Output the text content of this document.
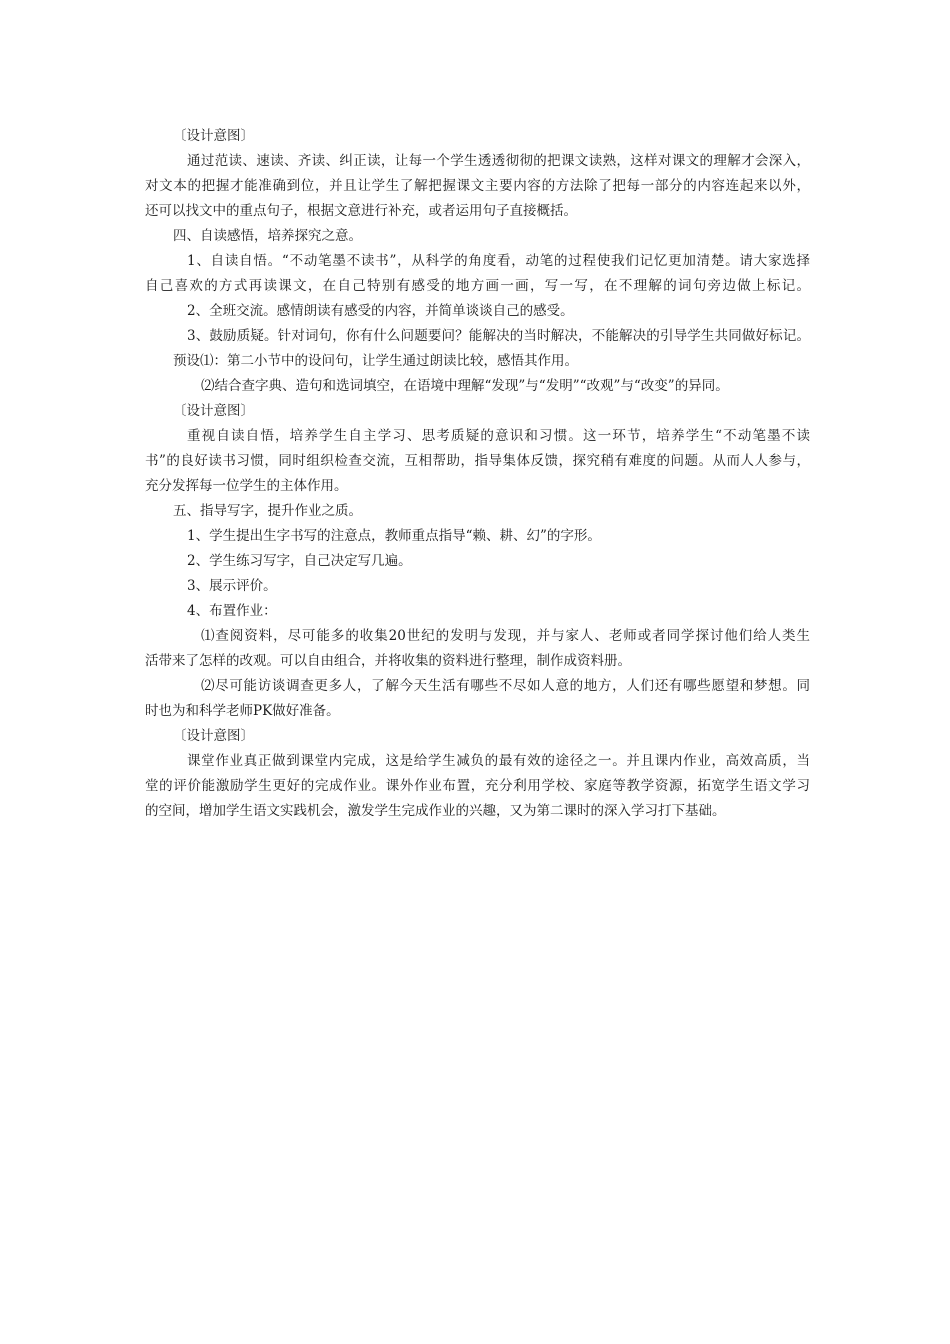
〔设计意图〕
通过范读、速读、齐读、纠正读，让每一个学生透透彻彻的把课文读熟，这样对课文的理解才会深入，
对文本的把握才能准确到位，并且让学生了解把握课文主要内容的方法除了把每一部分的内容连起来以外，
还可以找文中的重点句子，根据文意进行补充，或者运用句子直接概括。
四、自读感悟，培养探究之意。
1、自读自悟。“不动笔墨不读书”，从科学的角度看，动笔的过程使我们记忆更加清楚。请大家选择
自己喜欢的方式再读课文，在自己特别有感受的地方画一画，写一写，在不理解的词句旁边做上标记。
2、全班交流。感情朗读有感受的内容，并简单谈谈自己的感受。
3、鼓励质疑。针对词句，你有什么问题要问？能解决的当时解决，不能解决的引导学生共同做好标记。
预设⑴：第二小节中的设问句，让学生通过朗读比较，感悟其作用。
⑵结合查字典、造句和选词填空，在语境中理解“发现”与“发明”“改观”与“改变”的异同。
〔设计意图〕
重视自读自悟，培养学生自主学习、思考质疑的意识和习惯。这一环节，培养学生“不动笔墨不读
书”的良好读书习惯，同时组织检查交流，互相帮助，指导集体反馈，探究稍有难度的问题。从而人人参与，
充分发挥每一位学生的主体作用。
五、指导写字，提升作业之质。
1、学生提出生字书写的注意点，教师重点指导“赖、耕、幻”的字形。
2、学生练习写字，自己决定写几遍。
3、展示评价。
4、布置作业：
⑴查阅资料，尽可能多的收集20世纪的发明与发现，并与家人、老师或者同学探讨他们给人类生
活带来了怎样的改观。可以自由组合，并将收集的资料进行整理，制作成资料册。
⑵尽可能访谈调查更多人，了解今天生活有哪些不尽如人意的地方，人们还有哪些愿望和梦想。同
时也为和科学老师PK做好准备。
〔设计意图〕
课堂作业真正做到课堂内完成，这是给学生减负的最有效的途径之一。并且课内作业，高效高质，当
堂的评价能激励学生更好的完成作业。课外作业布置，充分利用学校、家庭等教学资源，拓宽学生语文学习
的空间，增加学生语文实践机会，激发学生完成作业的兴趣，又为第二课时的深入学习打下基础。
